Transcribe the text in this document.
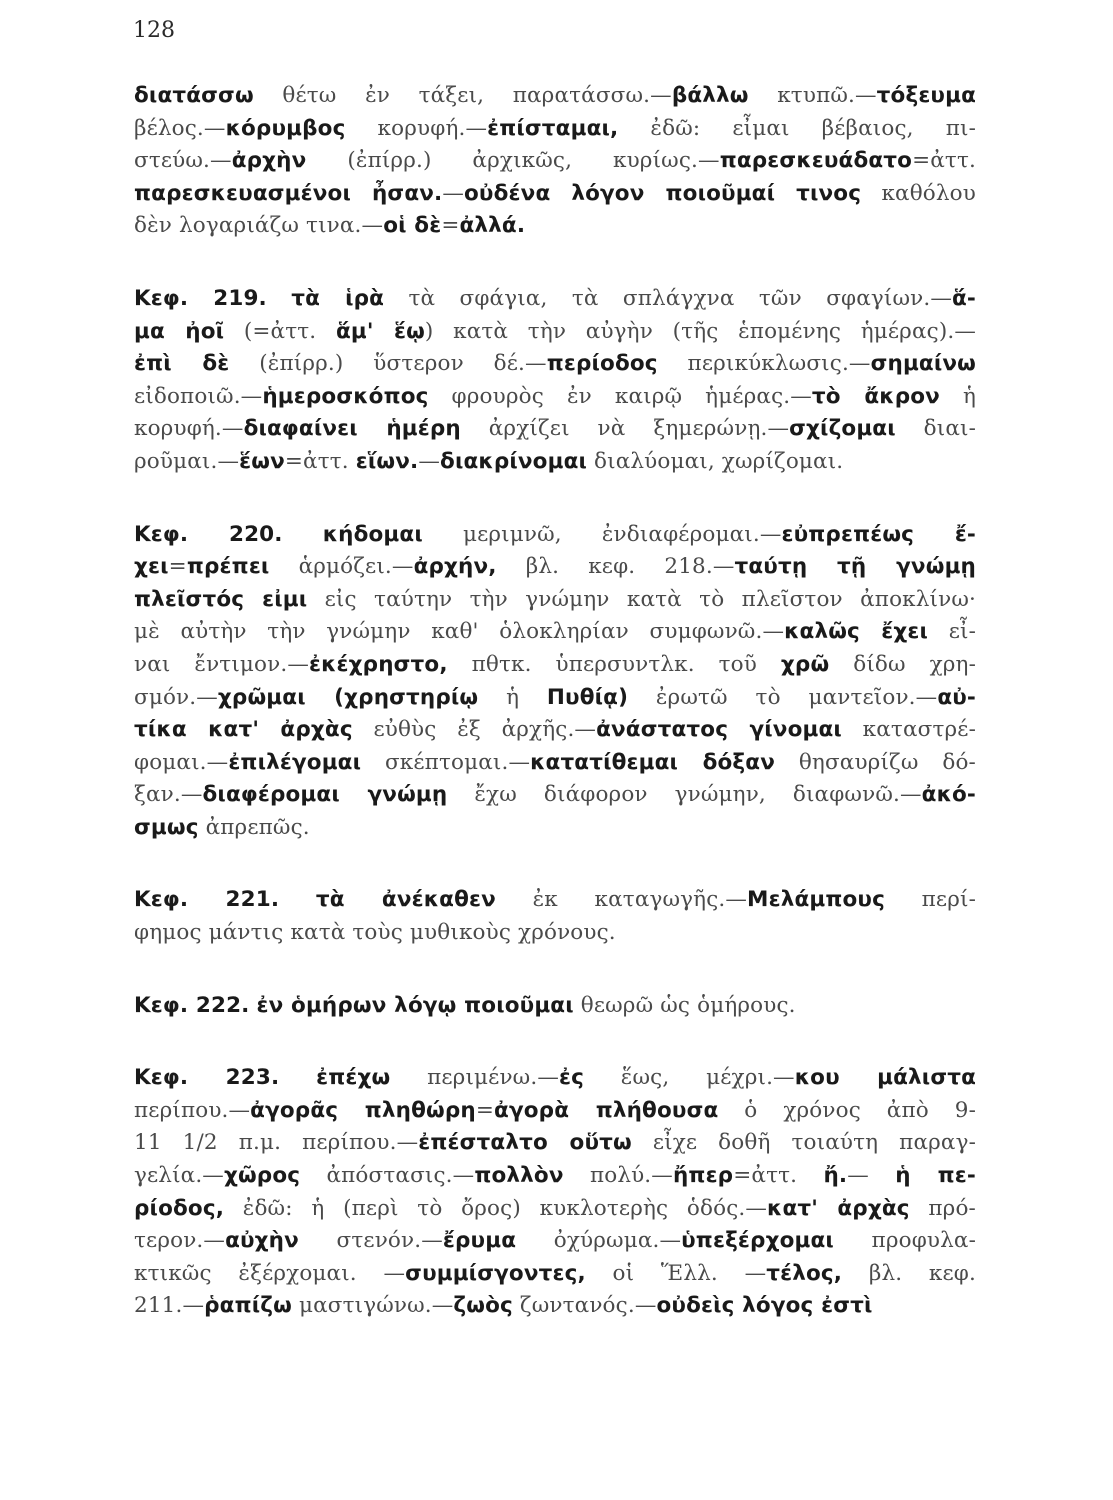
128
διατάσσω θέτω ἐν τάξει, παρατάσσω.—βάλλω κτυπῶ.—τόξευμα
βέλος.—κόρυμβος κορυφή.—ἐπίσταμαι, ἐδῶ: εἶμαι βέβαιος, πι-
στεύω.—ἀρχὴν (ἐπίρρ.) ἀρχικῶς, κυρίως.—παρεσκευάδατο=ἀττ.
παρεσκευασμένοι ἦσαν.—οὐδένα λόγον ποιοῦμαί τινος καθόλου
δὲν λογαριάζω τινα.—οἱ δὲ=ἀλλά.
Κεφ. 219. τὰ ἱρὰ τὰ σφάγια, τὰ σπλάγχνα τῶν σφαγίων.—ἅ-
μα ἠοῖ (=ἀττ. ἅμ' ἕῳ) κατὰ τὴν αὐγὴν (τῆς ἑπομένης ἡμέρας).—
ἐπὶ δὲ (ἐπίρρ.) ὕστερον δέ.—περίοδος περικύκλωσις.—σημαίνω
εἰδοποιῶ.—ἡμεροσκόπος φρουρὸς ἐν καιρῷ ἡμέρας.—τὸ ἄκρον ἡ
κορυφή.—διαφαίνει ἡμέρη ἀρχίζει νὰ ξημερώνῃ.—σχίζομαι διαι-
ροῦμαι.—ἕων=ἀττ. εἵων.—διακρίνομαι διαλύομαι, χωρίζομαι.
Κεφ. 220. κήδομαι μεριμνῶ, ἐνδιαφέρομαι.—εὐπρεπέως ἔ-
χει=πρέπει ἁρμόζει.—ἀρχήν, βλ. κεφ. 218.—ταύτῃ τῇ γνώμῃ
πλεῖστός εἰμι εἰς ταύτην τὴν γνώμην κατὰ τὸ πλεῖστον ἀποκλίνω·
μὲ αὐτὴν τὴν γνώμην καθ' ὁλοκληρίαν συμφωνῶ.—καλῶς ἔχει εἶ-
ναι ἔντιμον.—ἐκέχρηστο, πθτκ. ὑπερσυντλκ. τοῦ χρῶ δίδω χρη-
σμόν.—χρῶμαι (χρηστηρίῳ ἡ Πυθίᾳ) ἐρωτῶ τὸ μαντεῖον.—αὐ-
τίκα κατ' ἀρχὰς εὐθὺς ἐξ ἀρχῆς.—ἀνάστατος γίνομαι καταστρέ-
φομαι.—ἐπιλέγομαι σκέπτομαι.—κατατίθεμαι δόξαν θησαυρίζω δό-
ξαν.—διαφέρομαι γνώμῃ ἔχω διάφορον γνώμην, διαφωνῶ.—ἀκό-
σμως ἀπρεπῶς.
Κεφ. 221. τὰ ἀνέκαθεν ἐκ καταγωγῆς.—Μελάμπους περί-
φημος μάντις κατὰ τοὺς μυθικοὺς χρόνους.
Κεφ. 222. ἐν ὁμήρων λόγῳ ποιοῦμαι θεωρῶ ὡς ὁμήρους.
Κεφ. 223. ἐπέχω περιμένω.—ἐς ἕως, μέχρι.—κου μάλιστα
περίπου.—ἀγορᾶς πληθώρη=ἀγορὰ πλήθουσα ὁ χρόνος ἀπὸ 9-
11 1/2 π.μ. περίπου.—ἐπέσταλτο οὕτω εἶχε δοθῆ τοιαύτη παραγ-
γελία.—χῶρος ἀπόστασις.—πολλὸν πολύ.—ἤπερ=ἀττ. ἤ.— ἡ πε-
ρίοδος, ἐδῶ: ἡ (περὶ τὸ ὄρος) κυκλοτερὴς ὁδός.—κατ' ἀρχὰς πρό-
τερον.—αὐχὴν στενόν.—ἔρυμα ὀχύρωμα.—ὑπεξέρχομαι προφυλα-
κτικῶς ἐξέρχομαι. —συμμίσγοντες, οἱ Ἕλλ. —τέλος, βλ. κεφ.
211.—ῥαπίζω μαστιγώνω.—ζωὸς ζωντανός.—οὐδεὶς λόγος ἐστὶ
